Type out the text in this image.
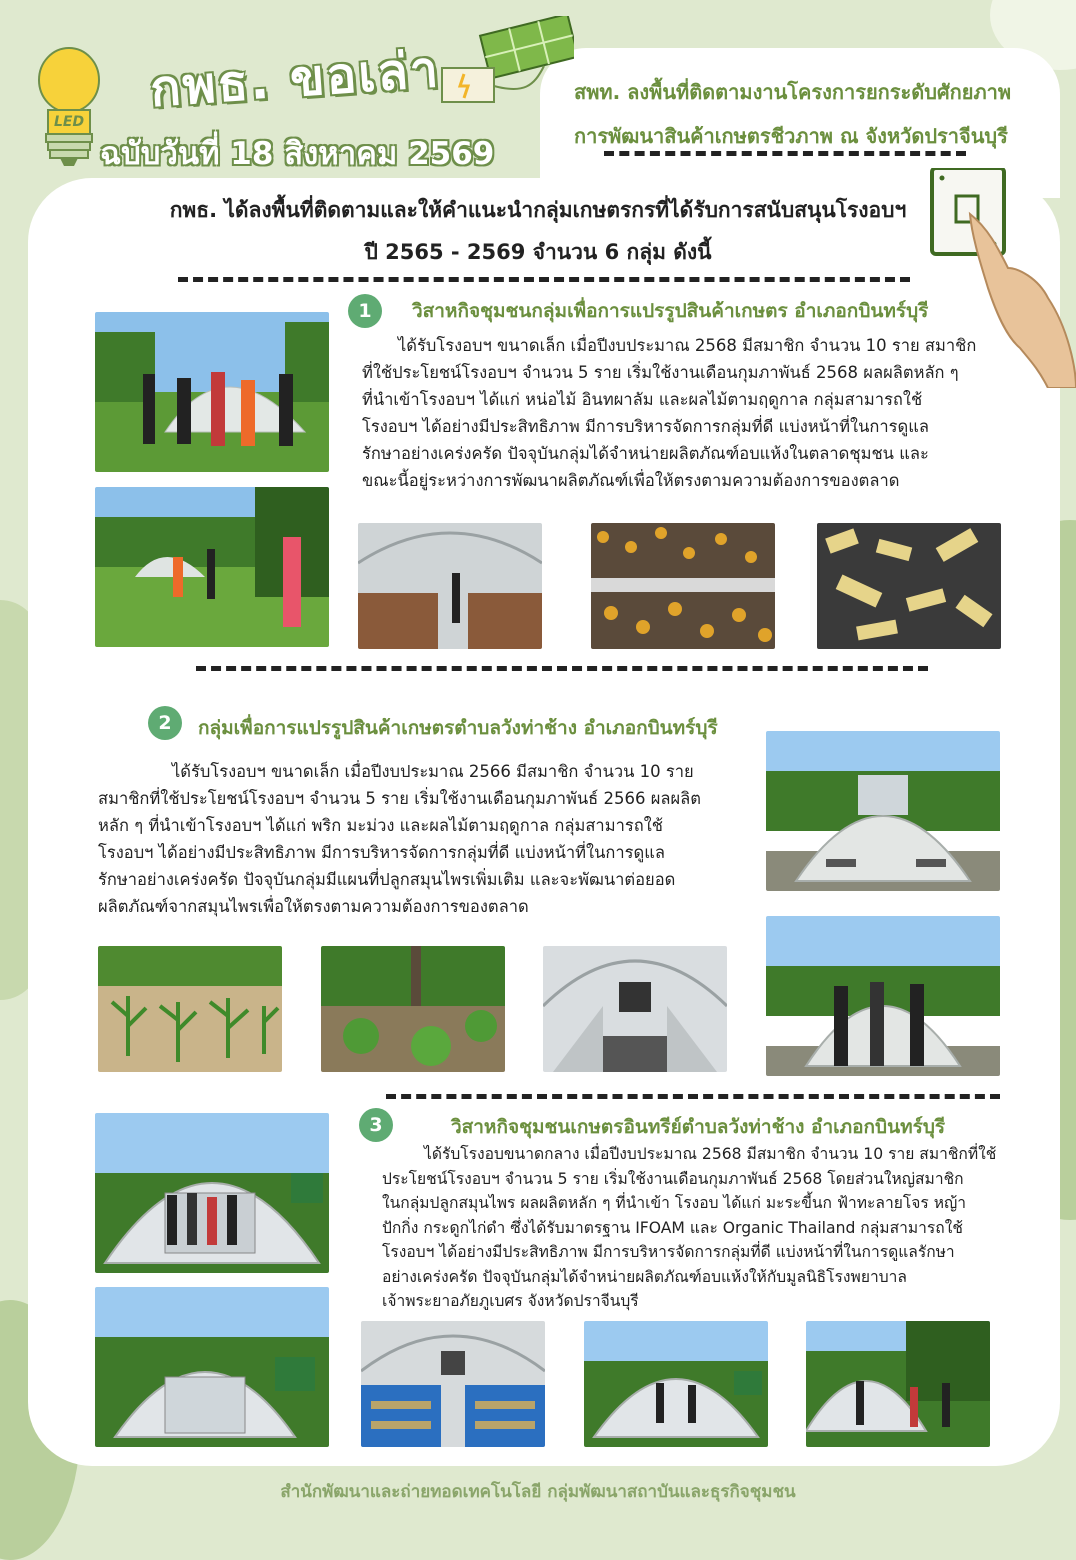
LED
กพธ. ขอเล่า
ฉบับวันที่ 18 สิงหาคม 2569
สพท. ลงพื้นที่ติดตามงานโครงการยกระดับศักยภาพ
การพัฒนาสินค้าเกษตรชีวภาพ ณ จังหวัดปราจีนบุรี
กพธ. ได้ลงพื้นที่ติดตามและให้คำแนะนำกลุ่มเกษตรกรที่ได้รับการสนับสนุนโรงอบฯ
ปี 2565 - 2569 จำนวน 6 กลุ่ม ดังนี้
1	วิสาหกิจชุมชนกลุ่มเพื่อการแปรรูปสินค้าเกษตร อำเภอกบินทร์บุรี
ได้รับโรงอบฯ ขนาดเล็ก เมื่อปีงบประมาณ 2568 มีสมาชิก จำนวน 10 ราย สมาชิก
ที่ใช้ประโยชน์โรงอบฯ จำนวน 5 ราย เริ่มใช้งานเดือนกุมภาพันธ์ 2568 ผลผลิตหลัก ๆ
ที่นำเข้าโรงอบฯ ได้แก่ หน่อไม้ อินทผาลัม และผลไม้ตามฤดูกาล กลุ่มสามารถใช้
โรงอบฯ ได้อย่างมีประสิทธิภาพ มีการบริหารจัดการกลุ่มที่ดี แบ่งหน้าที่ในการดูแล
รักษาอย่างเคร่งครัด ปัจจุบันกลุ่มได้จำหน่ายผลิตภัณฑ์อบแห้งในตลาดชุมชน และ
ขณะนี้อยู่ระหว่างการพัฒนาผลิตภัณฑ์เพื่อให้ตรงตามความต้องการของตลาด
2	กลุ่มเพื่อการแปรรูปสินค้าเกษตรตำบลวังท่าช้าง อำเภอกบินทร์บุรี
ได้รับโรงอบฯ ขนาดเล็ก เมื่อปีงบประมาณ 2566 มีสมาชิก จำนวน 10 ราย
สมาชิกที่ใช้ประโยชน์โรงอบฯ จำนวน 5 ราย เริ่มใช้งานเดือนกุมภาพันธ์ 2566 ผลผลิต
หลัก ๆ ที่นำเข้าโรงอบฯ ได้แก่ พริก มะม่วง และผลไม้ตามฤดูกาล กลุ่มสามารถใช้
โรงอบฯ ได้อย่างมีประสิทธิภาพ มีการบริหารจัดการกลุ่มที่ดี แบ่งหน้าที่ในการดูแล
รักษาอย่างเคร่งครัด ปัจจุบันกลุ่มมีแผนที่ปลูกสมุนไพรเพิ่มเติม และจะพัฒนาต่อยอด
ผลิตภัณฑ์จากสมุนไพรเพื่อให้ตรงตามความต้องการของตลาด
3	วิสาหกิจชุมชนเกษตรอินทรีย์ตำบลวังท่าช้าง อำเภอกบินทร์บุรี
ได้รับโรงอบขนาดกลาง เมื่อปีงบประมาณ 2568 มีสมาชิก จำนวน 10 ราย สมาชิกที่ใช้
ประโยชน์โรงอบฯ จำนวน 5 ราย เริ่มใช้งานเดือนกุมภาพันธ์ 2568 โดยส่วนใหญ่สมาชิก
ในกลุ่มปลูกสมุนไพร ผลผลิตหลัก ๆ ที่นำเข้า โรงอบ ได้แก่ มะระขี้นก ฟ้าทะลายโจร หญ้า
ปักกิ่ง กระดูกไก่ดำ ซึ่งได้รับมาตรฐาน IFOAM และ Organic Thailand กลุ่มสามารถใช้
โรงอบฯ ได้อย่างมีประสิทธิภาพ มีการบริหารจัดการกลุ่มที่ดี แบ่งหน้าที่ในการดูแลรักษา
อย่างเคร่งครัด ปัจจุบันกลุ่มได้จำหน่ายผลิตภัณฑ์อบแห้งให้กับมูลนิธิโรงพยาบาล
เจ้าพระยาอภัยภูเบศร จังหวัดปราจีนบุรี
สำนักพัฒนาและถ่ายทอดเทคโนโลยี กลุ่มพัฒนาสถาบันและธุรกิจชุมชน
